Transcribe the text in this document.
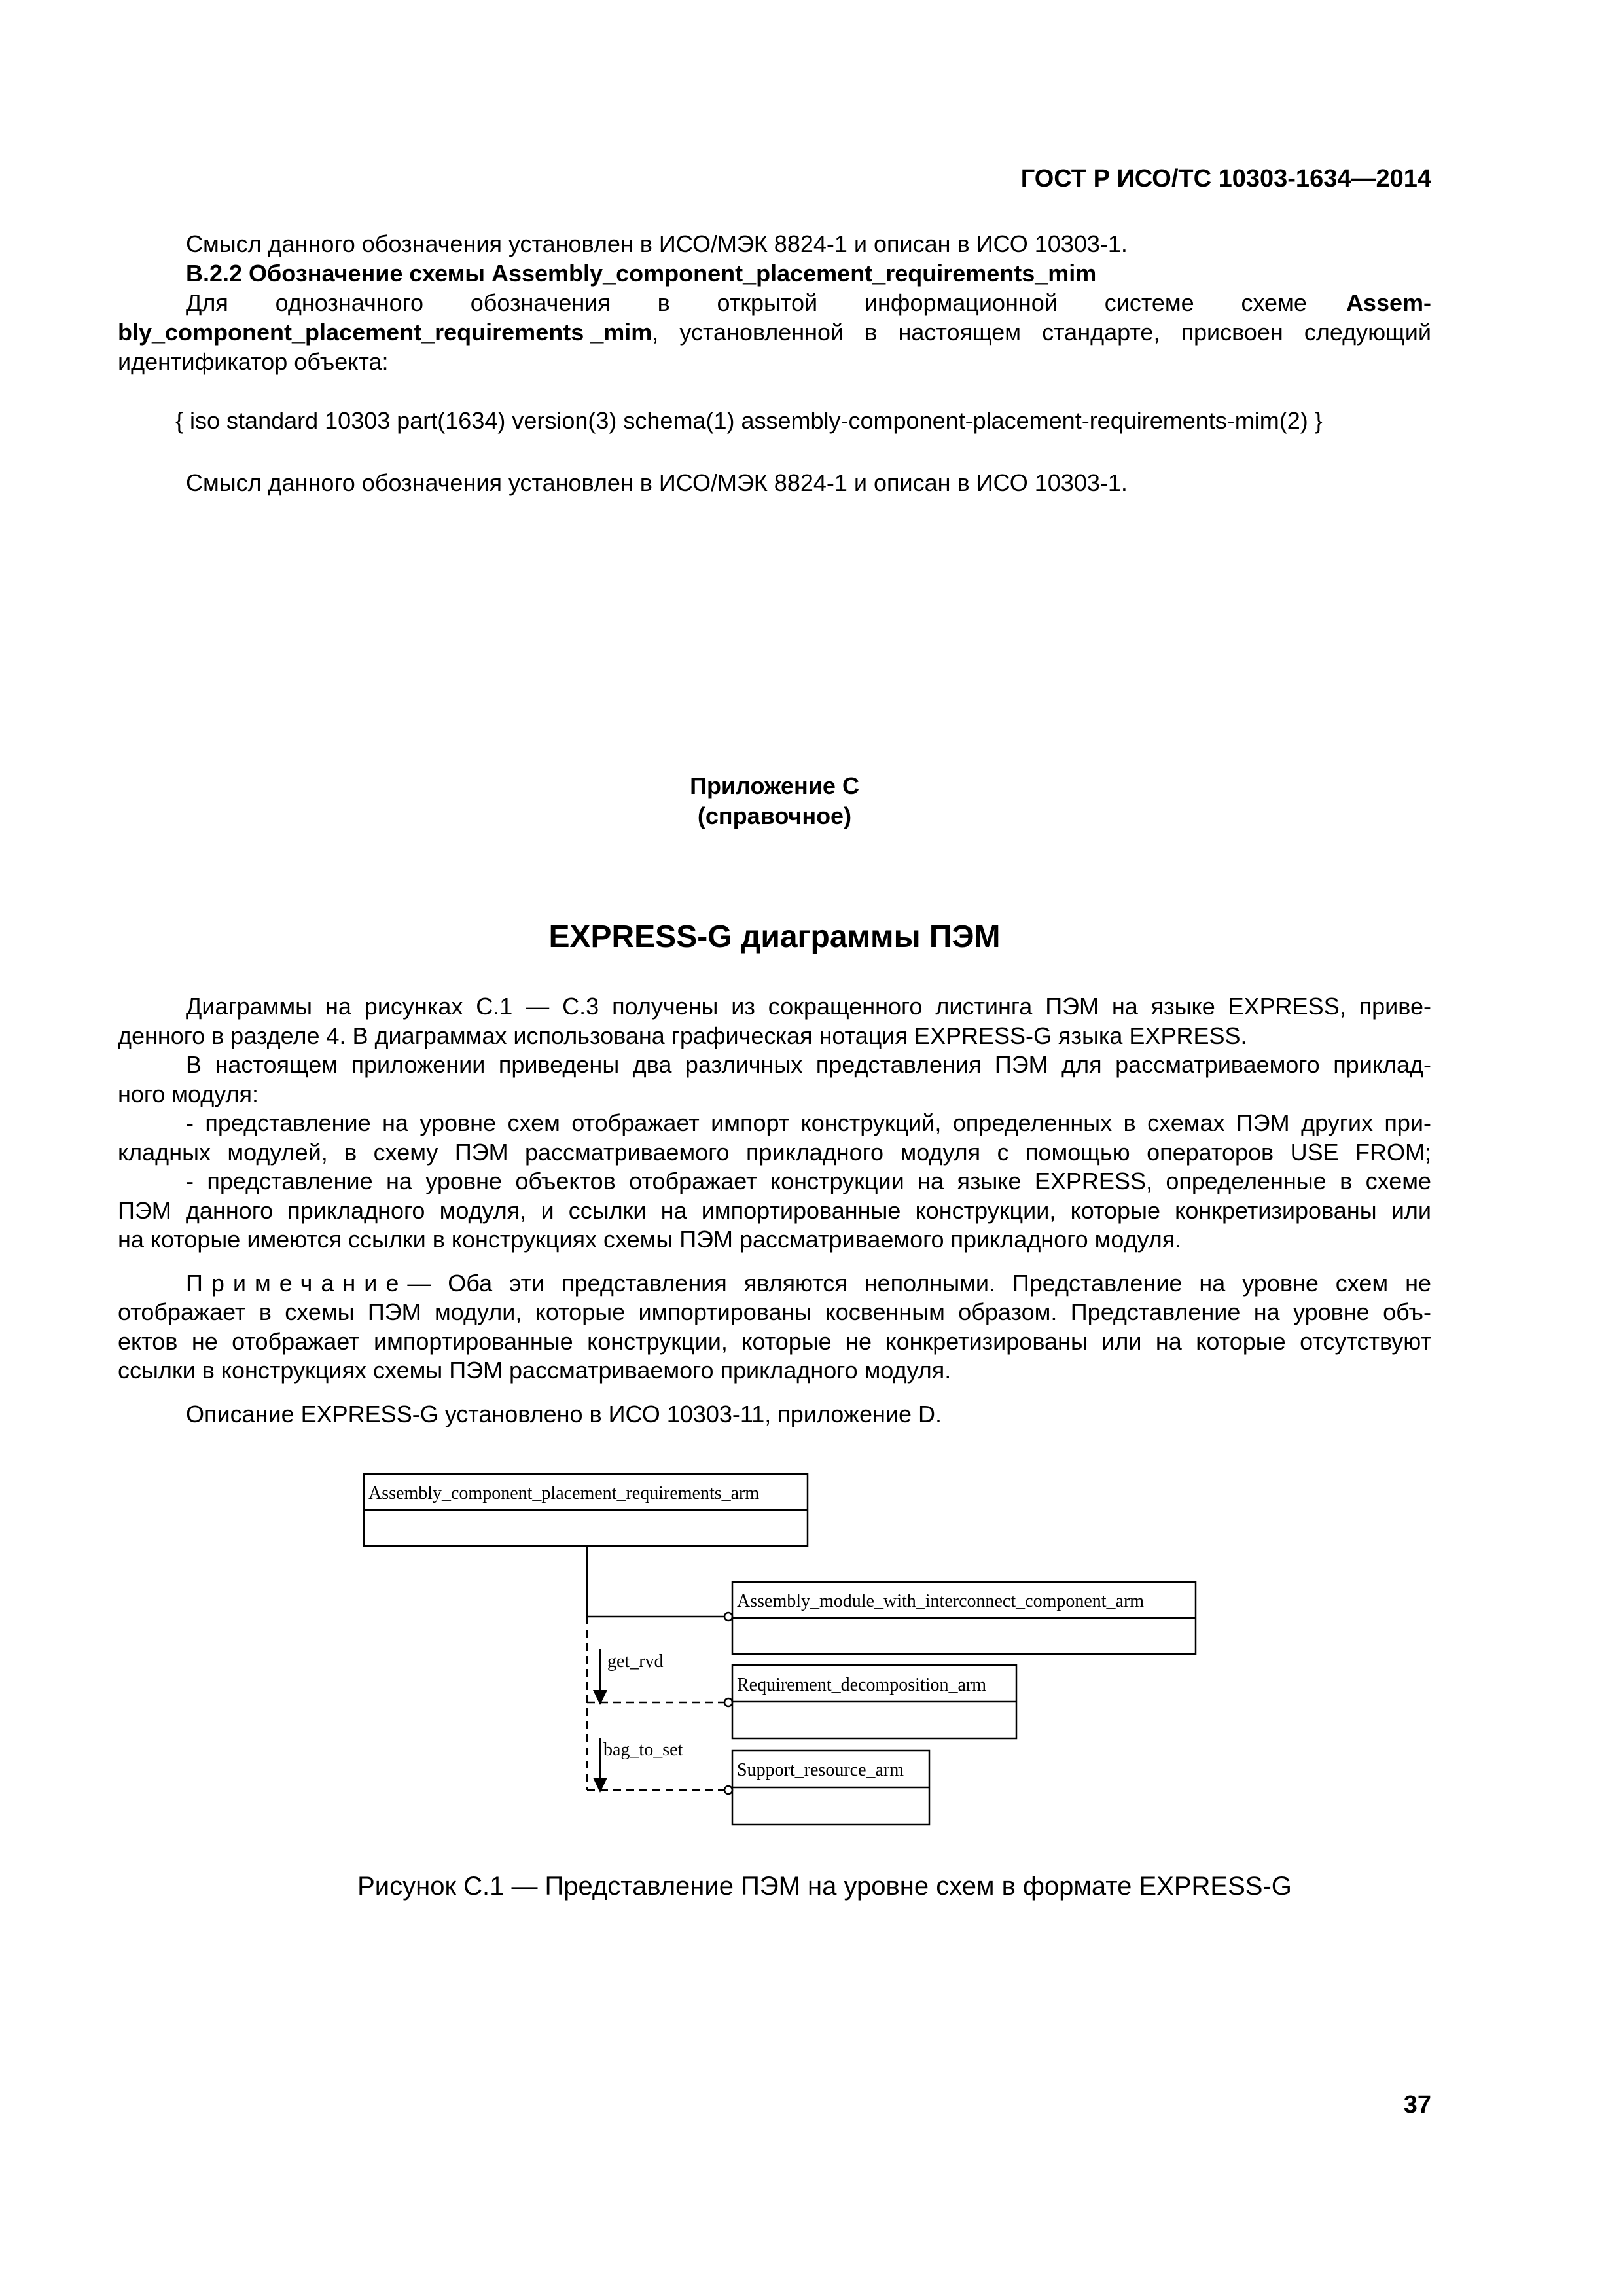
ГОСТ Р ИСО/ТС 10303-1634—2014
Смысл данного обозначения установлен в ИСО/МЭК 8824-1 и описан в ИСО 10303-1.
B.2.2 Обозначение схемы Assembly_component_placement_requirements_mim
Для однозначного обозначения в открытой информационной системе схеме Assem-
bly_component_placement_requirements _mim , установленной в настоящем стандарте, присвоен следующий
идентификатор объекта:
{ iso standard 10303 part(1634) version(3) schema(1) assembly-component-placement-requirements-mim(2) }
Смысл данного обозначения установлен в ИСО/МЭК 8824-1 и описан в ИСО 10303-1.
Приложение С
(справочное)
EXPRESS-G диаграммы ПЭМ
Диаграммы на рисунках С.1 — С.3 получены из сокращенного листинга ПЭМ на языке EXPRESS, приве-
денного в разделе 4. В диаграммах использована графическая нотация EXPRESS-G языка EXPRESS.
В настоящем приложении приведены два различных представления ПЭМ для рассматриваемого приклад-
ного модуля:
- представление на уровне схем отображает импорт конструкций, определенных в схемах ПЭМ других при-
кладных модулей, в схему ПЭМ рассматриваемого прикладного модуля с помощью операторов USE FROM;
- представление на уровне объектов отображает конструкции на языке EXPRESS, определенные в схеме
ПЭМ данного прикладного модуля, и ссылки на импортированные конструкции, которые конкретизированы или
на которые имеются ссылки в конструкциях схемы ПЭМ рассматриваемого прикладного модуля.
Примечание — Оба эти представления являются неполными. Представление на уровне схем не
отображает в схемы ПЭМ модули, которые импортированы косвенным образом. Представление на уровне объ-
ектов не отображает импортированные конструкции, которые не конкретизированы или на которые отсутствуют
ссылки в конструкциях схемы ПЭМ рассматриваемого прикладного модуля.
Описание EXPRESS-G установлено в ИСО 10303-11, приложение D.
Assembly_component_placement_requirements_arm
Assembly_module_with_interconnect_component_arm
Requirement_decomposition_arm
Support_resource_arm
get_rvd
bag_to_set
Рисунок С.1 — Представление ПЭМ на уровне схем в формате EXPRESS-G
37
